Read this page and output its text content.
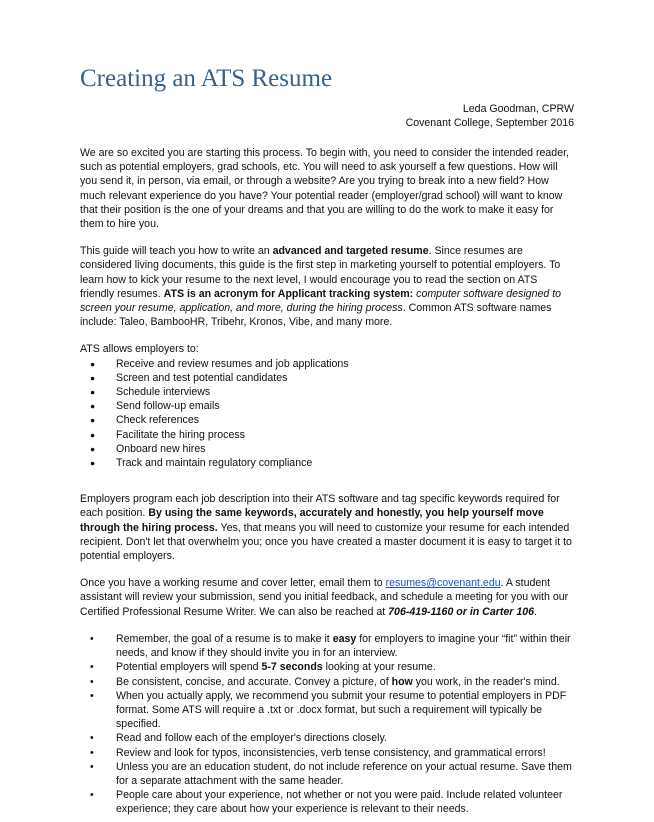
Creating an ATS Resume
Leda Goodman, CPRW
Covenant College, September 2016

We are so excited you are starting this process. To begin with, you need to consider the intended reader, such as potential employers, grad schools, etc. You will need to ask yourself a few questions. How will you send it, in person, via email, or through a website? Are you trying to break into a new field? How much relevant experience do you have? Your potential reader (employer/grad school) will want to know that their position is the one of your dreams and that you are willing to do the work to make it easy for them to hire you.

This guide will teach you how to write an advanced and targeted resume. Since resumes are considered living documents, this guide is the first step in marketing yourself to potential employers. To learn how to kick your resume to the next level, I would encourage you to read the section on ATS friendly resumes. ATS is an acronym for Applicant tracking system: computer software designed to screen your resume, application, and more, during the hiring process. Common ATS software names include: Taleo, BambooHR, Tribehr, Kronos, Vibe, and many more.

ATS allows employers to:

● Receive and review resumes and job applications
● Screen and test potential candidates
● Schedule interviews
● Send follow-up emails
● Check references
● Facilitate the hiring process
● Onboard new hires
● Track and maintain regulatory compliance

Employers program each job description into their ATS software and tag specific keywords required for each position. By using the same keywords, accurately and honestly, you help yourself move through the hiring process. Yes, that means you will need to customize your resume for each intended recipient. Don't let that overwhelm you; once you have created a master document it is easy to target it to potential employers.

Once you have a working resume and cover letter, email them to resumes@covenant.edu. A student assistant will review your submission, send you initial feedback, and schedule a meeting for you with our Certified Professional Resume Writer. We can also be reached at 706-419-1160 or in Carter 106.

• Remember, the goal of a resume is to make it easy for employers to imagine your “fit” within their needs, and know if they should invite you in for an interview.
• Potential employers will spend 5-7 seconds looking at your resume.
• Be consistent, concise, and accurate. Convey a picture, of how you work, in the reader's mind.
• When you actually apply, we recommend you submit your resume to potential employers in PDF format. Some ATS will require a .txt or .docx format, but such a requirement will typically be specified.
• Read and follow each of the employer's directions closely.
• Review and look for typos, inconsistencies, verb tense consistency, and grammatical errors!
• Unless you are an education student, do not include reference on your actual resume. Save them for a separate attachment with the same header.
• People care about your experience, not whether or not you were paid. Include related volunteer experience; they care about how your experience is relevant to their needs.
